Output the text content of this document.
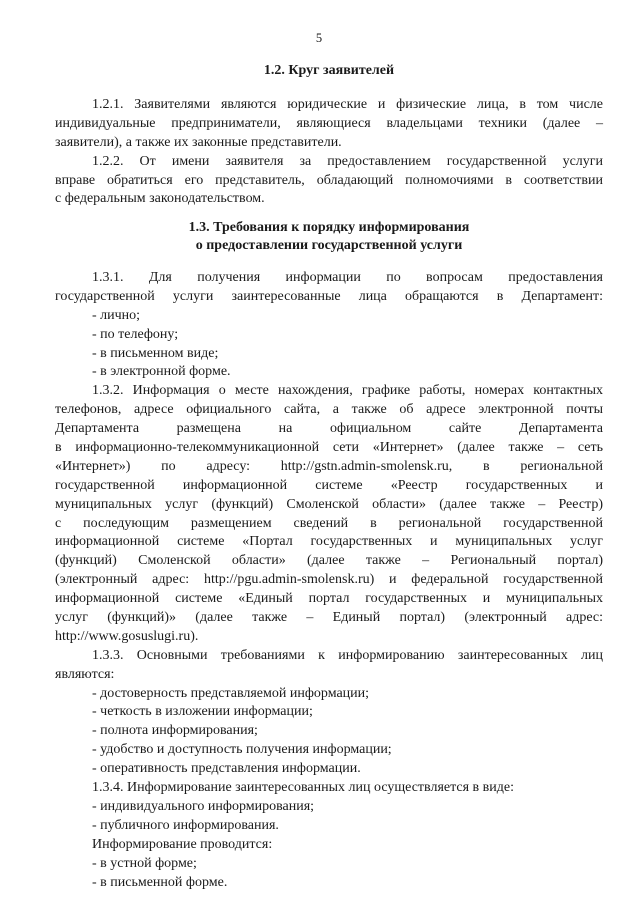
5
1.2. Круг заявителей
1.2.1. Заявителями являются юридические и физические лица, в том числе
индивидуальные предприниматели, являющиеся владельцами техники (далее –
заявители), а также их законные представители.
1.2.2. От имени заявителя за предоставлением государственной услуги
вправе обратиться его представитель, обладающий полномочиями в соответствии
с федеральным законодательством.
1.3. Требования к порядку информирования
о предоставлении государственной услуги
1.3.1. Для получения информации по вопросам предоставления
государственной услуги заинтересованные лица обращаются в Департамент:
- лично;
- по телефону;
- в письменном виде;
- в электронной форме.
1.3.2. Информация о месте нахождения, графике работы, номерах контактных
телефонов, адресе официального сайта, а также об адресе электронной почты
Департамента размещена на официальном сайте Департамента
в информационно-телекоммуникационной сети «Интернет» (далее также – сеть
«Интернет») по адресу: http://gstn.admin-smolensk.ru, в региональной
государственной информационной системе «Реестр государственных и
муниципальных услуг (функций) Смоленской области» (далее также – Реестр)
с последующим размещением сведений в региональной государственной
информационной системе «Портал государственных и муниципальных услуг
(функций) Смоленской области» (далее также – Региональный портал)
(электронный адрес: http://pgu.admin-smolensk.ru) и федеральной государственной
информационной системе «Единый портал государственных и муниципальных
услуг (функций)» (далее также – Единый портал) (электронный адрес:
http://www.gosuslugi.ru).
1.3.3. Основными требованиями к информированию заинтересованных лиц
являются:
- достоверность представляемой информации;
- четкость в изложении информации;
- полнота информирования;
- удобство и доступность получения информации;
- оперативность представления информации.
1.3.4. Информирование заинтересованных лиц осуществляется в виде:
- индивидуального информирования;
- публичного информирования.
Информирование проводится:
- в устной форме;
- в письменной форме.
